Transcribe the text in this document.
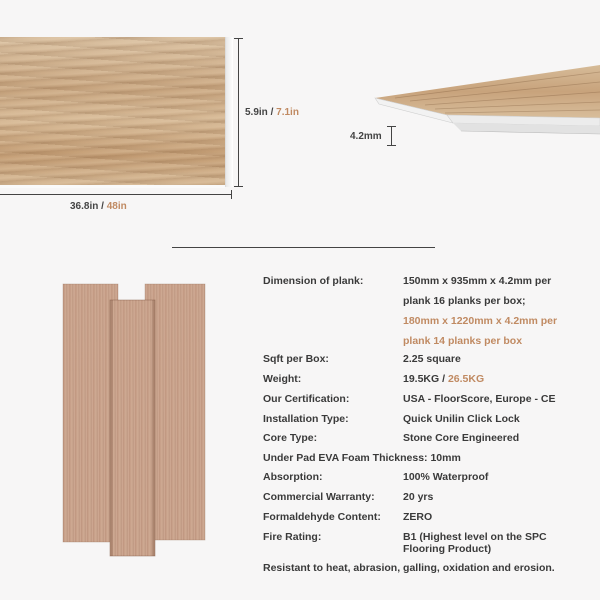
5.9in / 7.1in
36.8in / 48in
4.2mm
Dimension of plank:	150mm x 935mm x 4.2mm per
plank 16 planks per box;
180mm x 1220mm x 4.2mm per
plank 14 planks per box
Sqft per Box:	2.25 square
Weight:	19.5KG / 26.5KG
Our Certification:	USA - FloorScore, Europe - CE
Installation Type:	Quick Unilin Click Lock
Core Type:	Stone Core Engineered
Under Pad EVA Foam Thickness: 10mm
Absorption:	100% Waterproof
Commercial Warranty:	20 yrs
Formaldehyde Content: ZERO
Fire Rating:	B1 (Highest level on the SPC Flooring Product)
Resistant to heat, abrasion, galling, oxidation and erosion.
